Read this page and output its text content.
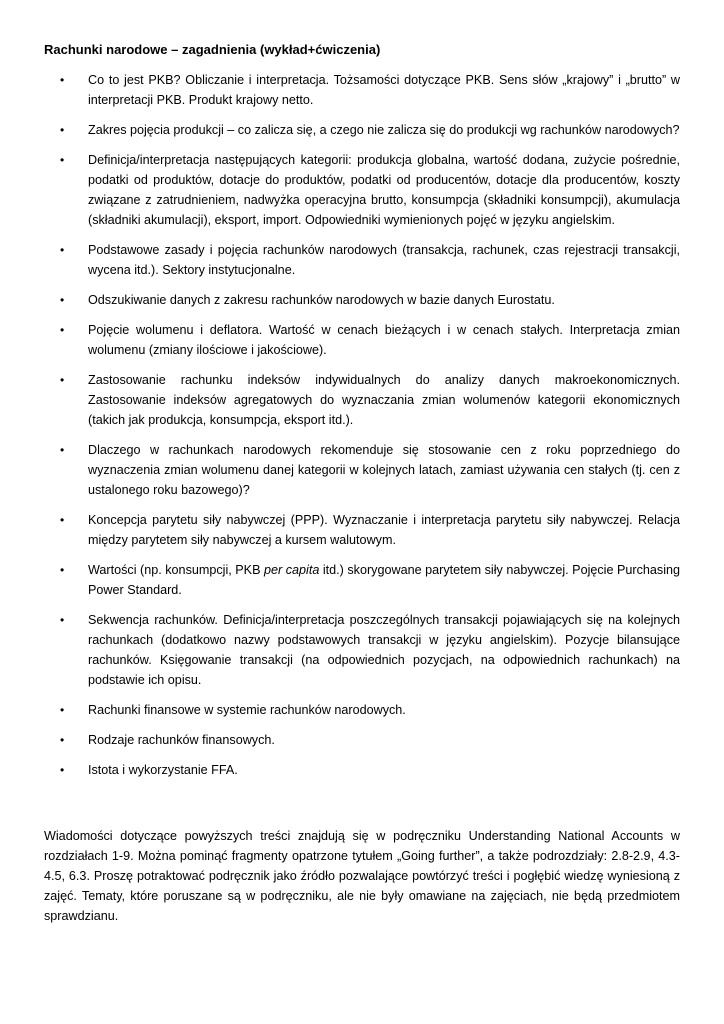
Rachunki narodowe – zagadnienia (wykład+ćwiczenia)
• Co to jest PKB? Obliczanie i interpretacja. Tożsamości dotyczące PKB. Sens słów „krajowy” i „brutto” w interpretacji PKB. Produkt krajowy netto.
• Zakres pojęcia produkcji – co zalicza się, a czego nie zalicza się do produkcji wg rachunków narodowych?
• Definicja/interpretacja następujących kategorii: produkcja globalna, wartość dodana, zużycie pośrednie, podatki od produktów, dotacje do produktów, podatki od producentów, dotacje dla producentów, koszty związane z zatrudnieniem, nadwyżka operacyjna brutto, konsumpcja (składniki konsumpcji), akumulacja (składniki akumulacji), eksport, import. Odpowiedniki wymienionych pojęć w języku angielskim.
• Podstawowe zasady i pojęcia rachunków narodowych (transakcja, rachunek, czas rejestracji transakcji, wycena itd.). Sektory instytucjonalne.
• Odszukiwanie danych z zakresu rachunków narodowych w bazie danych Eurostatu.
• Pojęcie wolumenu i deflatora. Wartość w cenach bieżących i w cenach stałych. Interpretacja zmian wolumenu (zmiany ilościowe i jakościowe).
• Zastosowanie rachunku indeksów indywidualnych do analizy danych makroekonomicznych. Zastosowanie indeksów agregatowych do wyznaczania zmian wolumenów kategorii ekonomicznych (takich jak produkcja, konsumpcja, eksport itd.).
• Dlaczego w rachunkach narodowych rekomenduje się stosowanie cen z roku poprzedniego do wyznaczenia zmian wolumenu danej kategorii w kolejnych latach, zamiast używania cen stałych (tj. cen z ustalonego roku bazowego)?
• Koncepcja parytetu siły nabywczej (PPP). Wyznaczanie i interpretacja parytetu siły nabywczej. Relacja między parytetem siły nabywczej a kursem walutowym.
• Wartości (np. konsumpcji, PKB per capita itd.) skorygowane parytetem siły nabywczej. Pojęcie Purchasing Power Standard.
• Sekwencja rachunków. Definicja/interpretacja poszczególnych transakcji pojawiających się na kolejnych rachunkach (dodatkowo nazwy podstawowych transakcji w języku angielskim). Pozycje bilansujące rachunków. Księgowanie transakcji (na odpowiednich pozycjach, na odpowiednich rachunkach) na podstawie ich opisu.
• Rachunki finansowe w systemie rachunków narodowych.
• Rodzaje rachunków finansowych.
• Istota i wykorzystanie FFA.

Wiadomości dotyczące powyższych treści znajdują się w podręczniku Understanding National Accounts w rozdziałach 1-9. Można pominąć fragmenty opatrzone tytułem „Going further”, a także podrozdziały: 2.8-2.9, 4.3-4.5, 6.3. Proszę potraktować podręcznik jako źródło pozwalające powtórzyć treści i pogłębić wiedzę wyniesioną z zajęć. Tematy, które poruszane są w podręczniku, ale nie były omawiane na zajęciach, nie będą przedmiotem sprawdzianu.
